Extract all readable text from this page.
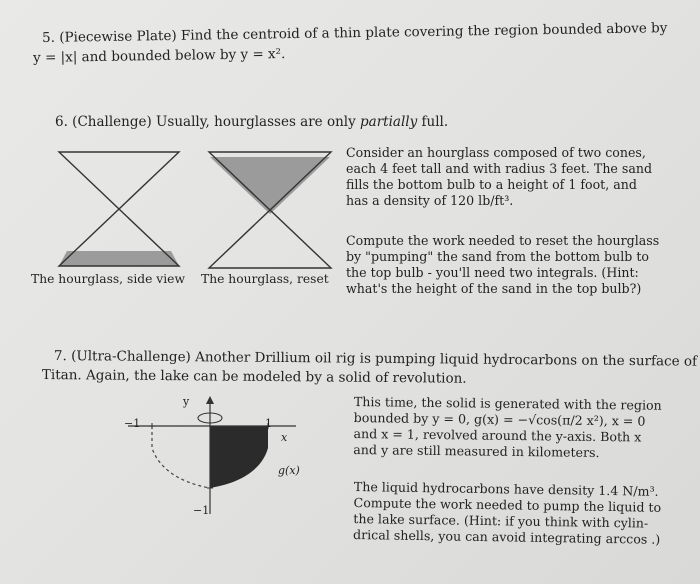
5. (Piecewise Plate) Find the centroid of a thin plate covering the region bounded above by
y = |x| and bounded below by y = x².
6. (Challenge) Usually, hourglasses are only partially full.
The hourglass, side view The hourglass, reset
Consider an hourglass composed of two cones,
each 4 feet tall and with radius 3 feet. The sand
fills the bottom bulb to a height of 1 foot, and
has a density of 120 lb/ft³.
Compute the work needed to reset the hourglass
by "pumping" the sand from the bottom bulb to
the top bulb - you'll need two integrals. (Hint:
what's the height of the sand in the top bulb?)
7. (Ultra-Challenge) Another Drillium oil rig is pumping liquid hydrocarbons on the surface of
Titan. Again, the lake can be modeled by a solid of revolution.
y
x
−1	1
g(x)
−1
This time, the solid is generated with the region
bounded by y = 0, g(x) = −√cos(π/2 x²), x = 0
and x = 1, revolved around the y-axis. Both x
and y are still measured in kilometers.
The liquid hydrocarbons have density 1.4 N/m³.
Compute the work needed to pump the liquid to
the lake surface. (Hint: if you think with cylin-
drical shells, you can avoid integrating arccos .)
